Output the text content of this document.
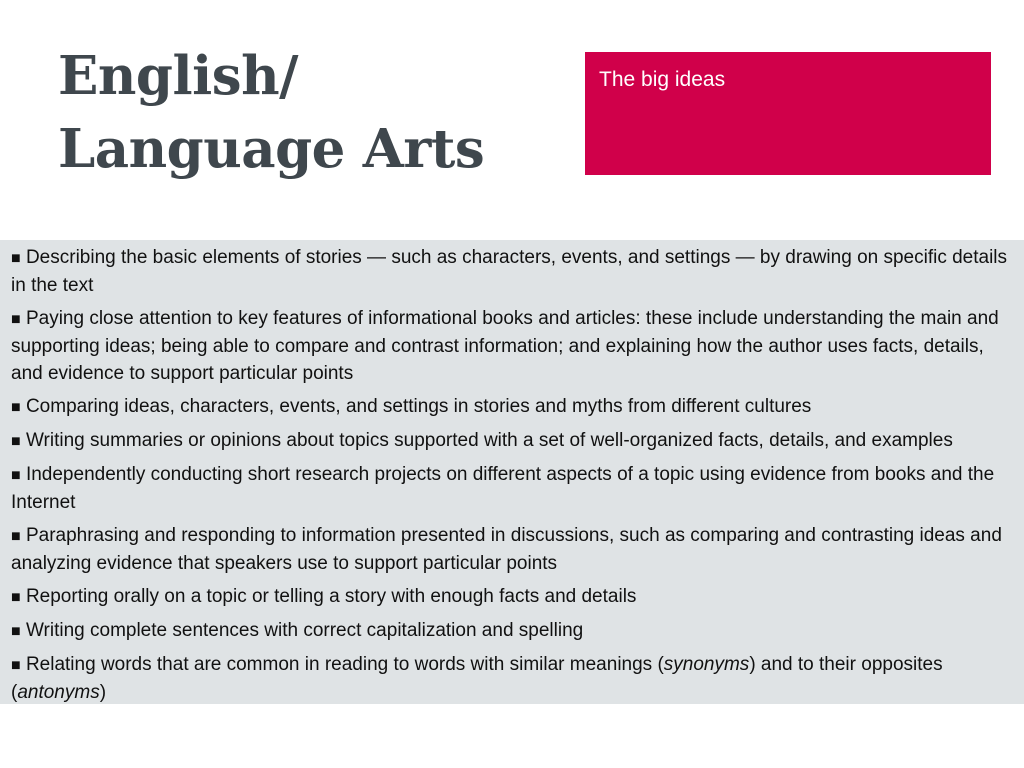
English/
Language Arts
The big ideas
■ Describing the basic elements of stories — such as characters, events, and settings — by drawing on specific details in the text
■ Paying close attention to key features of informational books and articles: these include understanding the main and supporting ideas; being able to compare and contrast information; and explaining how the author uses facts, details, and evidence to support particular points
■ Comparing ideas, characters, events, and settings in stories and myths from different cultures
■ Writing summaries or opinions about topics supported with a set of well-organized facts, details, and examples
■ Independently conducting short research projects on different aspects of a topic using evidence from books and the Internet
■ Paraphrasing and responding to information presented in discussions, such as comparing and contrasting ideas and analyzing evidence that speakers use to support particular points
■ Reporting orally on a topic or telling a story with enough facts and details
■ Writing complete sentences with correct capitalization and spelling
■ Relating words that are common in reading to words with similar meanings (synonyms) and to their opposites (antonyms)
